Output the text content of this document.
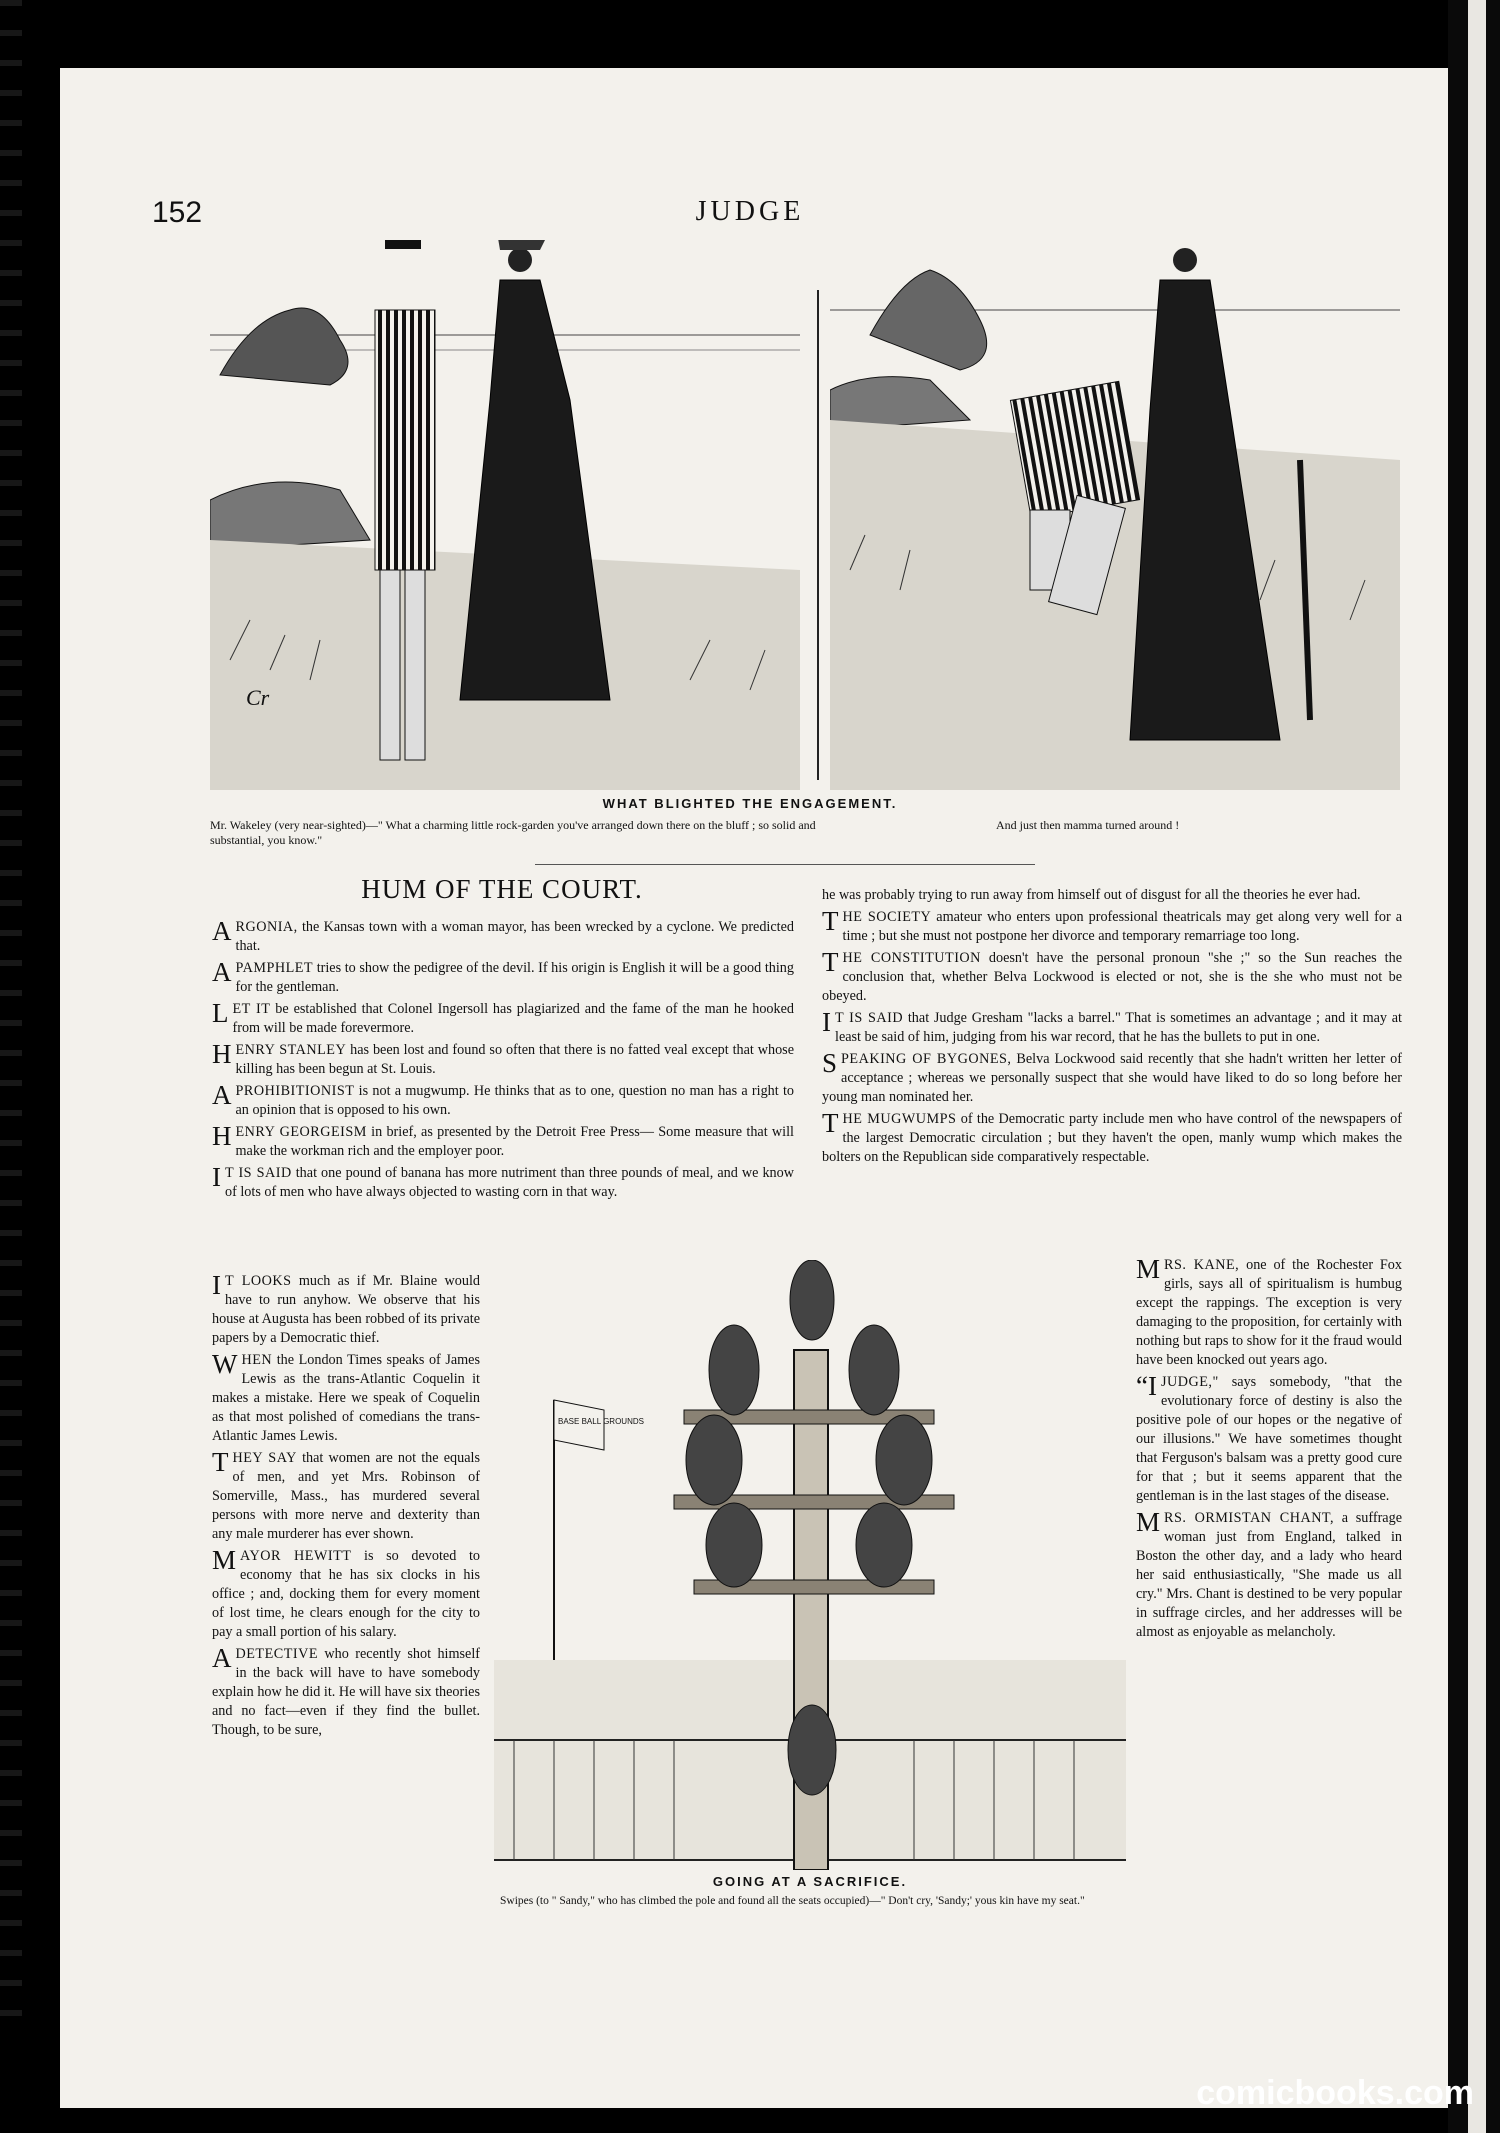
152	JUDGE
Cr
WHAT BLIGHTED THE ENGAGEMENT.
Mr. Wakeley (very near-sighted)—" What a charming little rock-garden you've arranged down there on the bluff ; so solid and substantial, you know."
And just then mamma turned around !
HUM OF THE COURT.

ARGONIA, the Kansas town with a woman mayor, has been wrecked by a cyclone. We predicted that.

A PAMPHLET tries to show the pedigree of the devil. If his origin is English it will be a good thing for the gentleman.

LET IT be established that Colonel Ingersoll has plagiarized and the fame of the man he hooked from will be made forevermore.

HENRY STANLEY has been lost and found so often that there is no fatted veal except that whose killing has been begun at St. Louis.

A PROHIBITIONIST is not a mugwump. He thinks that as to one, question no man has a right to an opinion that is opposed to his own.

HENRY GEORGEISM in brief, as presented by the Detroit Free Press— Some measure that will make the workman rich and the employer poor.

I T IS SAID that one pound of banana has more nutriment than three pounds of meal, and we know of lots of men who have always objected to wasting corn in that way.

he was probably trying to run away from himself out of disgust for all the theories he ever had.

THE SOCIETY amateur who enters upon professional theatricals may get along very well for a time ; but she must not postpone her divorce and temporary remarriage too long.

THE CONSTITUTION doesn't have the personal pronoun "she ;" so the Sun reaches the conclusion that, whether Belva Lockwood is elected or not, she is the she who must not be obeyed.

I T IS SAID that Judge Gresham "lacks a barrel." That is sometimes an advantage ; and it may at least be said of him, judging from his war record, that he has the bullets to put in one.

SPEAKING OF BYGONES, Belva Lockwood said recently that she hadn't written her letter of acceptance ; whereas we personally suspect that she would have liked to do so long before her young man nominated her.

THE MUGWUMPS of the Democratic party include men who have control of the newspapers of the largest Democratic circulation ; but they haven't the open, manly wump which makes the bolters on the Republican side comparatively respectable.

I T LOOKS much as if Mr. Blaine would have to run anyhow. We observe that his house at Augusta has been robbed of its private papers by a Democratic thief.

WHEN the London Times speaks of James Lewis as the trans-Atlantic Coquelin it makes a mistake. Here we speak of Coquelin as that most polished of comedians the trans-Atlantic James Lewis.

THEY SAY that women are not the equals of men, and yet Mrs. Robinson of Somerville, Mass., has murdered several persons with more nerve and dexterity than any male murderer has ever shown.

MAYOR HEWITT is so devoted to economy that he has six clocks in his office ; and, docking them for every moment of lost time, he clears enough for the city to pay a small portion of his salary.

A DETECTIVE who recently shot himself in the back will have to have somebody explain how he did it. He will have six theories and no fact—even if they find the bullet. Though, to be sure,

MRS. KANE, one of the Rochester Fox girls, says all of spiritualism is humbug except the rappings. The exception is very damaging to the proposition, for certainly with nothing but raps to show for it the fraud would have been knocked out years ago.

“I JUDGE," says somebody, "that the evolutionary force of destiny is also the positive pole of our hopes or the negative of our illusions." We have sometimes thought that Ferguson's balsam was a pretty good cure for that ; but it seems apparent that the gentleman is in the last stages of the disease.

MRS. ORMISTAN CHANT, a suffrage woman just from England, talked in Boston the other day, and a lady who heard her said enthusiastically, "She made us all cry." Mrs. Chant is destined to be very popular in suffrage circles, and her addresses will be almost as enjoyable as melancholy.

BASE BALL GROUNDS
GOING AT A SACRIFICE.
Swipes (to " Sandy," who has climbed the pole and found all the seats occupied)—" Don't cry, 'Sandy;' yous kin have my seat."
comicbooks.com
